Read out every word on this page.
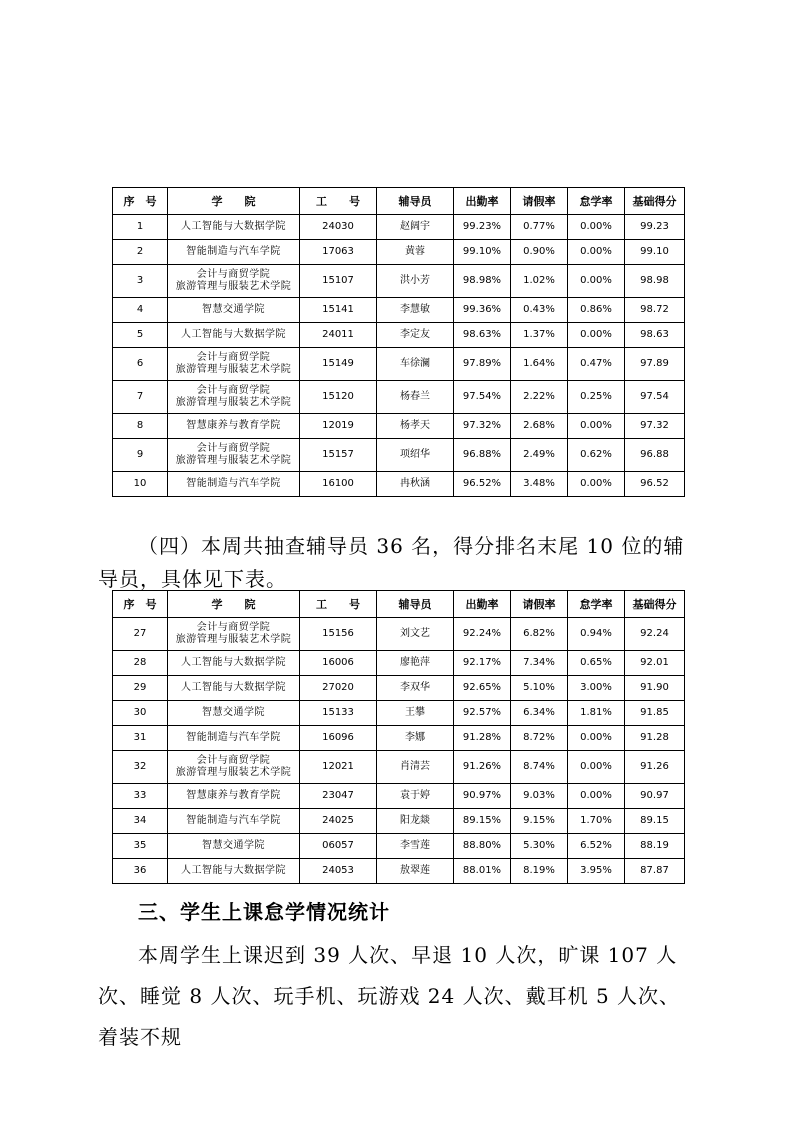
序　号	学　　院	工　　号	辅导员	出勤率	请假率	怠学率	基础得分
1	人工智能与大数据学院	24030	赵阔宇	99.23%	0.77%	0.00%	99.23
2	智能制造与汽车学院	17063	黄蓉	99.10%	0.90%	0.00%	99.10
3	会计与商贸学院
旅游管理与服装艺术学院	15107	洪小芳	98.98%	1.02%	0.00%	98.98
4	智慧交通学院	15141	李慧敏	99.36%	0.43%	0.86%	98.72
5	人工智能与大数据学院	24011	李定友	98.63%	1.37%	0.00%	98.63
6	会计与商贸学院
旅游管理与服装艺术学院	15149	车徐澜	97.89%	1.64%	0.47%	97.89
7	会计与商贸学院
旅游管理与服装艺术学院	15120	杨春兰	97.54%	2.22%	0.25%	97.54
8	智慧康养与教育学院	12019	杨孝天	97.32%	2.68%	0.00%	97.32
9	会计与商贸学院
旅游管理与服装艺术学院	15157	项绍华	96.88%	2.49%	0.62%	96.88
10	智能制造与汽车学院	16100	冉秋涵	96.52%	3.48%	0.00%	96.52
（四）本周共抽查辅导员 36 名，得分排名末尾 10 位的辅导员，具体见下表。
序　号	学　　院	工　　号	辅导员	出勤率	请假率	怠学率	基础得分
27	会计与商贸学院
旅游管理与服装艺术学院	15156	刘文艺	92.24%	6.82%	0.94%	92.24
28	人工智能与大数据学院	16006	廖艳萍	92.17%	7.34%	0.65%	92.01
29	人工智能与大数据学院	27020	李双华	92.65%	5.10%	3.00%	91.90
30	智慧交通学院	15133	王攀	92.57%	6.34%	1.81%	91.85
31	智能制造与汽车学院	16096	李娜	91.28%	8.72%	0.00%	91.28
32	会计与商贸学院
旅游管理与服装艺术学院	12021	肖清芸	91.26%	8.74%	0.00%	91.26
33	智慧康养与教育学院	23047	袁于婷	90.97%	9.03%	0.00%	90.97
34	智能制造与汽车学院	24025	阳龙燚	89.15%	9.15%	1.70%	89.15
35	智慧交通学院	06057	李雪莲	88.80%	5.30%	6.52%	88.19
36	人工智能与大数据学院	24053	敖翠莲	88.01%	8.19%	3.95%	87.87
三、学生上课怠学情况统计
本周学生上课迟到 39 人次、早退 10 人次，旷课 107 人次、睡觉 8 人次、玩手机、玩游戏 24 人次、戴耳机 5 人次、着装不规
